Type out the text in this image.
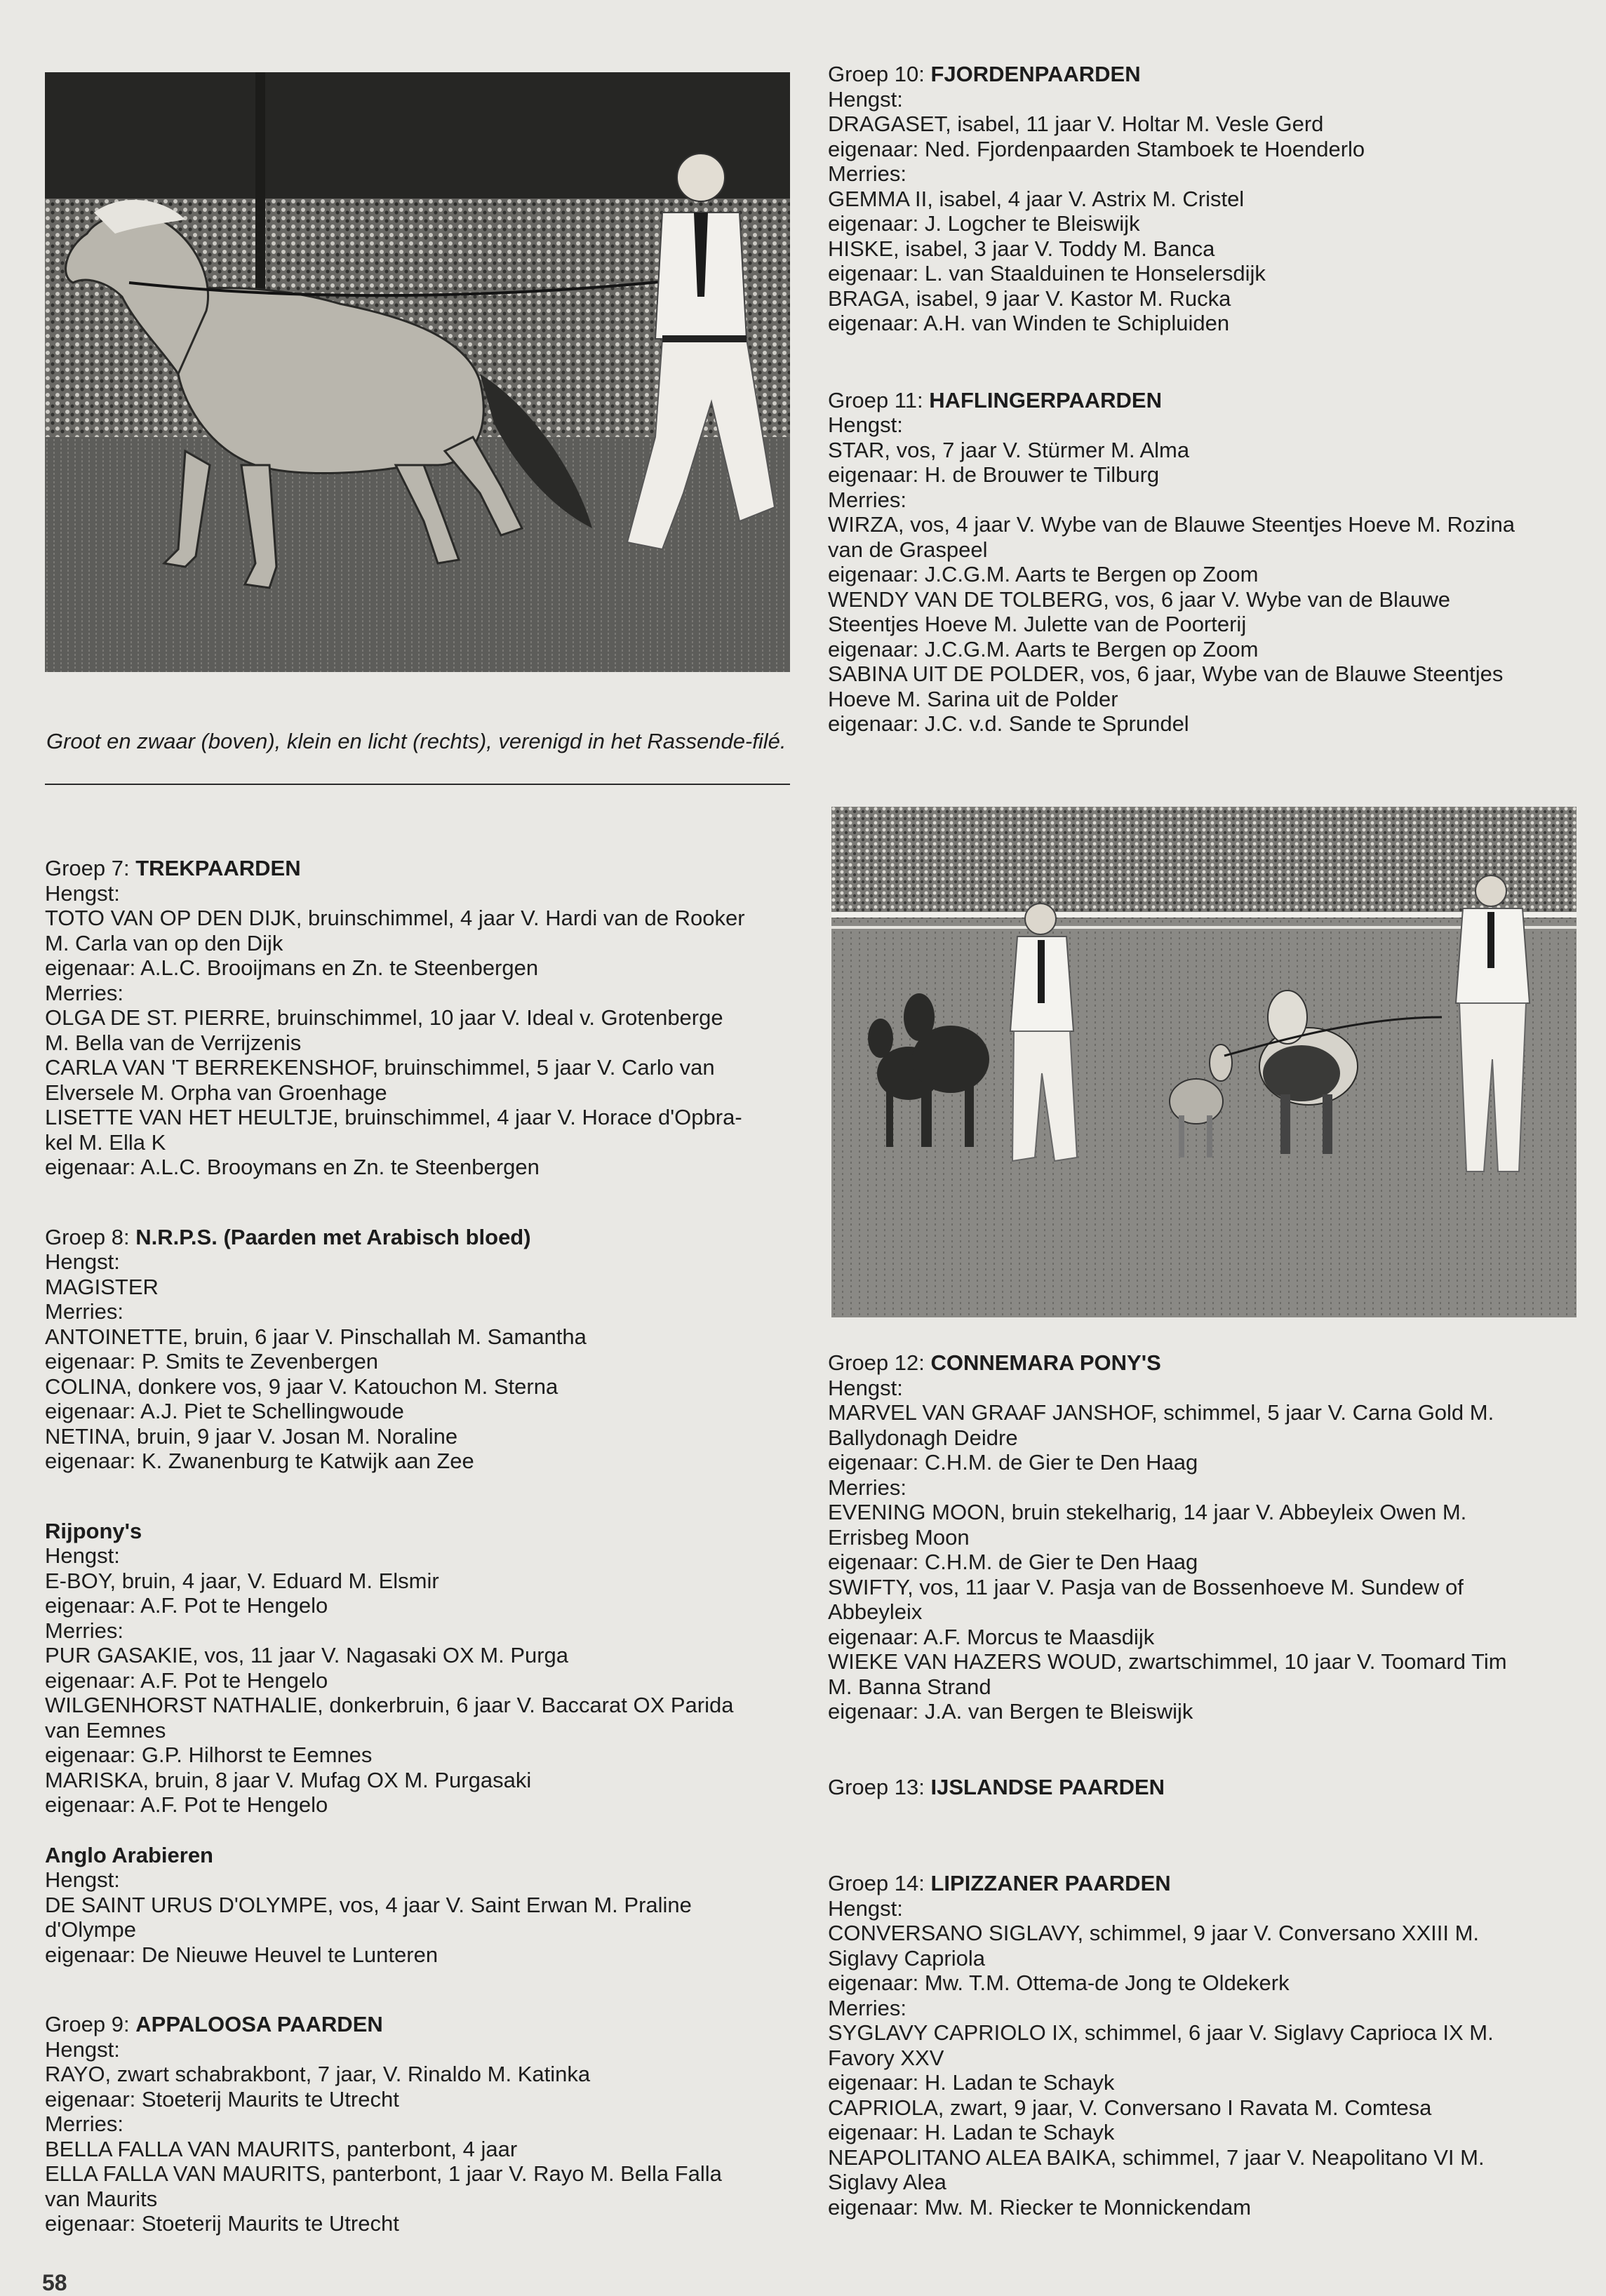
Groot en zwaar (boven), klein en licht (rechts), verenigd in het Rassende-filé.
Groep 7: TREKPAARDEN
Hengst:
TOTO VAN OP DEN DIJK, bruinschimmel, 4 jaar V. Hardi van de Rooker
M. Carla van op den Dijk
eigenaar: A.L.C. Brooijmans en Zn. te Steenbergen
Merries:
OLGA DE ST. PIERRE, bruinschimmel, 10 jaar V. Ideal v. Grotenberge
M. Bella van de Verrijzenis
CARLA VAN 'T BERREKENSHOF, bruinschimmel, 5 jaar V. Carlo van
Elversele M. Orpha van Groenhage
LISETTE VAN HET HEULTJE, bruinschimmel, 4 jaar V. Horace d'Opbra-
kel M. Ella K
eigenaar: A.L.C. Brooymans en Zn. te Steenbergen
Groep 8: N.R.P.S. (Paarden met Arabisch bloed)
Hengst:
MAGISTER
Merries:
ANTOINETTE, bruin, 6 jaar V. Pinschallah M. Samantha
eigenaar: P. Smits te Zevenbergen
COLINA, donkere vos, 9 jaar V. Katouchon M. Sterna
eigenaar: A.J. Piet te Schellingwoude
NETINA, bruin, 9 jaar V. Josan M. Noraline
eigenaar: K. Zwanenburg te Katwijk aan Zee
Rijpony's
Hengst:
E-BOY, bruin, 4 jaar, V. Eduard M. Elsmir
eigenaar: A.F. Pot te Hengelo
Merries:
PUR GASAKIE, vos, 11 jaar V. Nagasaki OX M. Purga
eigenaar: A.F. Pot te Hengelo
WILGENHORST NATHALIE, donkerbruin, 6 jaar V. Baccarat OX Parida
van Eemnes
eigenaar: G.P. Hilhorst te Eemnes
MARISKA, bruin, 8 jaar V. Mufag OX M. Purgasaki
eigenaar: A.F. Pot te Hengelo
Anglo Arabieren
Hengst:
DE SAINT URUS D'OLYMPE, vos, 4 jaar V. Saint Erwan M. Praline
d'Olympe
eigenaar: De Nieuwe Heuvel te Lunteren
Groep 9: APPALOOSA PAARDEN
Hengst:
RAYO, zwart schabrakbont, 7 jaar, V. Rinaldo M. Katinka
eigenaar: Stoeterij Maurits te Utrecht
Merries:
BELLA FALLA VAN MAURITS, panterbont, 4 jaar
ELLA FALLA VAN MAURITS, panterbont, 1 jaar V. Rayo M. Bella Falla
van Maurits
eigenaar: Stoeterij Maurits te Utrecht
Groep 10: FJORDENPAARDEN
Hengst:
DRAGASET, isabel, 11 jaar V. Holtar M. Vesle Gerd
eigenaar: Ned. Fjordenpaarden Stamboek te Hoenderlo
Merries:
GEMMA II, isabel, 4 jaar V. Astrix M. Cristel
eigenaar: J. Logcher te Bleiswijk
HISKE, isabel, 3 jaar V. Toddy M. Banca
eigenaar: L. van Staalduinen te Honselersdijk
BRAGA, isabel, 9 jaar V. Kastor M. Rucka
eigenaar: A.H. van Winden te Schipluiden
Groep 11: HAFLINGERPAARDEN
Hengst:
STAR, vos, 7 jaar V. Stürmer M. Alma
eigenaar: H. de Brouwer te Tilburg
Merries:
WIRZA, vos, 4 jaar V. Wybe van de Blauwe Steentjes Hoeve M. Rozina
van de Graspeel
eigenaar: J.C.G.M. Aarts te Bergen op Zoom
WENDY VAN DE TOLBERG, vos, 6 jaar V. Wybe van de Blauwe
Steentjes Hoeve M. Julette van de Poorterij
eigenaar: J.C.G.M. Aarts te Bergen op Zoom
SABINA UIT DE POLDER, vos, 6 jaar, Wybe van de Blauwe Steentjes
Hoeve M. Sarina uit de Polder
eigenaar: J.C. v.d. Sande te Sprundel
Groep 12: CONNEMARA PONY'S
Hengst:
MARVEL VAN GRAAF JANSHOF, schimmel, 5 jaar V. Carna Gold M.
Ballydonagh Deidre
eigenaar: C.H.M. de Gier te Den Haag
Merries:
EVENING MOON, bruin stekelharig, 14 jaar V. Abbeyleix Owen M.
Errisbeg Moon
eigenaar: C.H.M. de Gier te Den Haag
SWIFTY, vos, 11 jaar V. Pasja van de Bossenhoeve M. Sundew of
Abbeyleix
eigenaar: A.F. Morcus te Maasdijk
WIEKE VAN HAZERS WOUD, zwartschimmel, 10 jaar V. Toomard Tim
M. Banna Strand
eigenaar: J.A. van Bergen te Bleiswijk
Groep 13: IJSLANDSE PAARDEN
Groep 14: LIPIZZANER PAARDEN
Hengst:
CONVERSANO SIGLAVY, schimmel, 9 jaar V. Conversano XXIII M.
Siglavy Capriola
eigenaar: Mw. T.M. Ottema-de Jong te Oldekerk
Merries:
SYGLAVY CAPRIOLO IX, schimmel, 6 jaar V. Siglavy Caprioca IX M.
Favory XXV
eigenaar: H. Ladan te Schayk
CAPRIOLA, zwart, 9 jaar, V. Conversano I Ravata M. Comtesa
eigenaar: H. Ladan te Schayk
NEAPOLITANO ALEA BAIKA, schimmel, 7 jaar V. Neapolitano VI M.
Siglavy Alea
eigenaar: Mw. M. Riecker te Monnickendam
58
